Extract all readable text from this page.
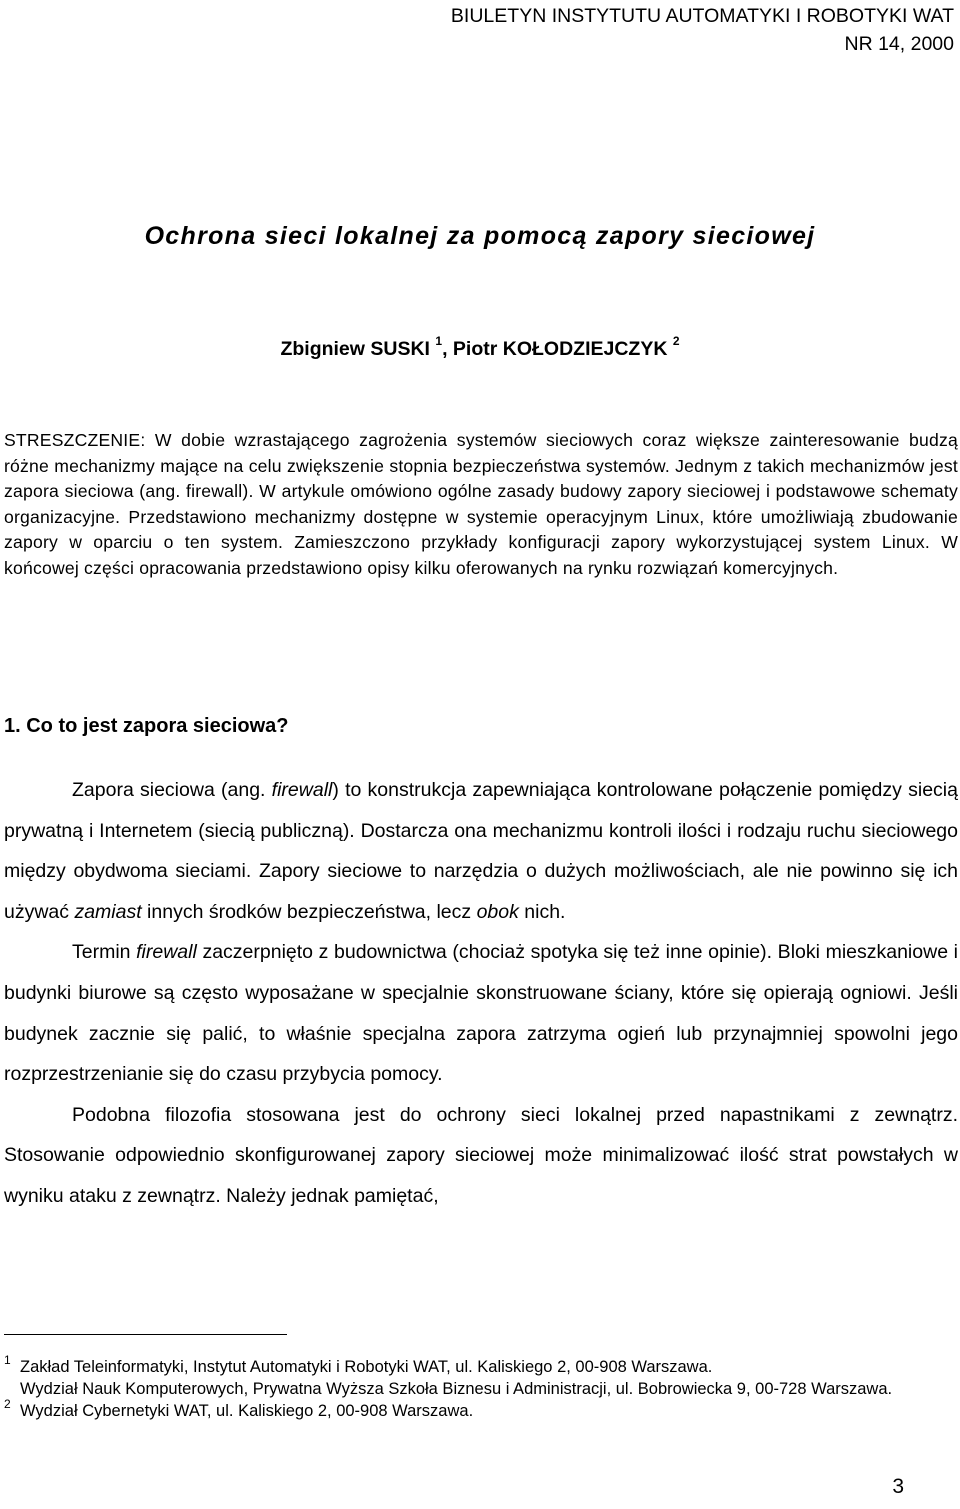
BIULETYN INSTYTUTU AUTOMATYKI I ROBOTYKI WAT
NR 14, 2000
Ochrona sieci lokalnej za pomocą zapory sieciowej
Zbigniew SUSKI $^1$, Piotr KOŁODZIEJCZYK $^2$
STRESZCZENIE: W dobie wzrastającego zagrożenia systemów sieciowych coraz większe zainteresowanie budzą różne mechanizmy mające na celu zwiększenie stopnia bezpieczeństwa systemów. Jednym z takich mechanizmów jest zapora sieciowa (ang. firewall). W artykule omówiono ogólne zasady budowy zapory sieciowej i podstawowe schematy organizacyjne. Przedstawiono mechanizmy dostępne w systemie operacyjnym Linux, które umożliwiają zbudowanie zapory w oparciu o ten system. Zamieszczono przykłady konfiguracji zapory wykorzystującej system Linux. W końcowej części opracowania przedstawiono opisy kilku oferowanych na rynku rozwiązań komercyjnych.
1. Co to jest zapora sieciowa?

Zapora sieciowa (ang. firewall) to konstrukcja zapewniająca kontrolowane połączenie pomiędzy siecią prywatną i Internetem (siecią publiczną). Dostarcza ona mechanizmu kontroli ilości i rodzaju ruchu sieciowego między obydwoma sieciami. Zapory sieciowe to narzędzia o dużych możliwościach, ale nie powinno się ich używać zamiast innych środków bezpieczeństwa, lecz obok nich.

Termin firewall zaczerpnięto z budownictwa (chociaż spotyka się też inne opinie). Bloki mieszkaniowe i budynki biurowe są często wyposażane w specjalnie skonstruowane ściany, które się opierają ogniowi. Jeśli budynek zacznie się palić, to właśnie specjalna zapora zatrzyma ogień lub przynajmniej spowolni jego rozprzestrzenianie się do czasu przybycia pomocy.

Podobna filozofia stosowana jest do ochrony sieci lokalnej przed napastnikami z zewnątrz. Stosowanie odpowiednio skonfigurowanej zapory sieciowej może minimalizować ilość strat powstałych w wyniku ataku z zewnątrz. Należy jednak pamiętać,

1 Zakład Teleinformatyki, Instytut Automatyki i Robotyki WAT, ul. Kaliskiego 2, 00-908 Warszawa.
Wydział Nauk Komputerowych, Prywatna Wyższa Szkoła Biznesu i Administracji, ul. Bobrowiecka 9, 00-728 Warszawa.
2 Wydział Cybernetyki WAT, ul. Kaliskiego 2, 00-908 Warszawa.
3
